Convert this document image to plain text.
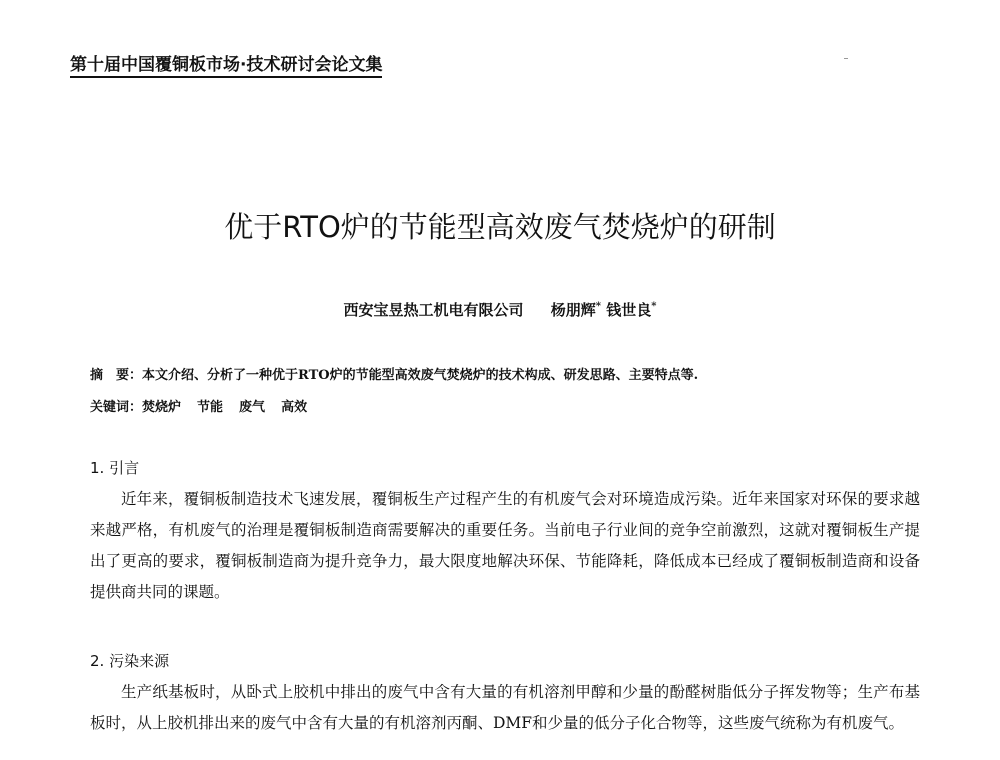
第十届中国覆铜板市场·技术研讨会论文集
优于RTO炉的节能型高效废气焚烧炉的研制
西安宝昱热工机电有限公司 杨朋辉* 钱世良*
摘　要：本文介绍、分析了一种优于RTO炉的节能型高效废气焚烧炉的技术构成、研发思路、主要特点等.
关键词：焚烧炉 节能 废气 高效
1. 引言
近年来，覆铜板制造技术飞速发展，覆铜板生产过程产生的有机废气会对环境造成污染。近年来国家对环保的要求越来越严格，有机废气的治理是覆铜板制造商需要解决的重要任务。当前电子行业间的竞争空前激烈，这就对覆铜板生产提出了更高的要求，覆铜板制造商为提升竞争力，最大限度地解决环保、节能降耗，降低成本已经成了覆铜板制造商和设备提供商共同的课题。
2. 污染来源
生产纸基板时，从卧式上胶机中排出的废气中含有大量的有机溶剂甲醇和少量的酚醛树脂低分子挥发物等；生产布基板时，从上胶机排出来的废气中含有大量的有机溶剂丙酮、DMF和少量的低分子化合物等，这些废气统称为有机废气。
